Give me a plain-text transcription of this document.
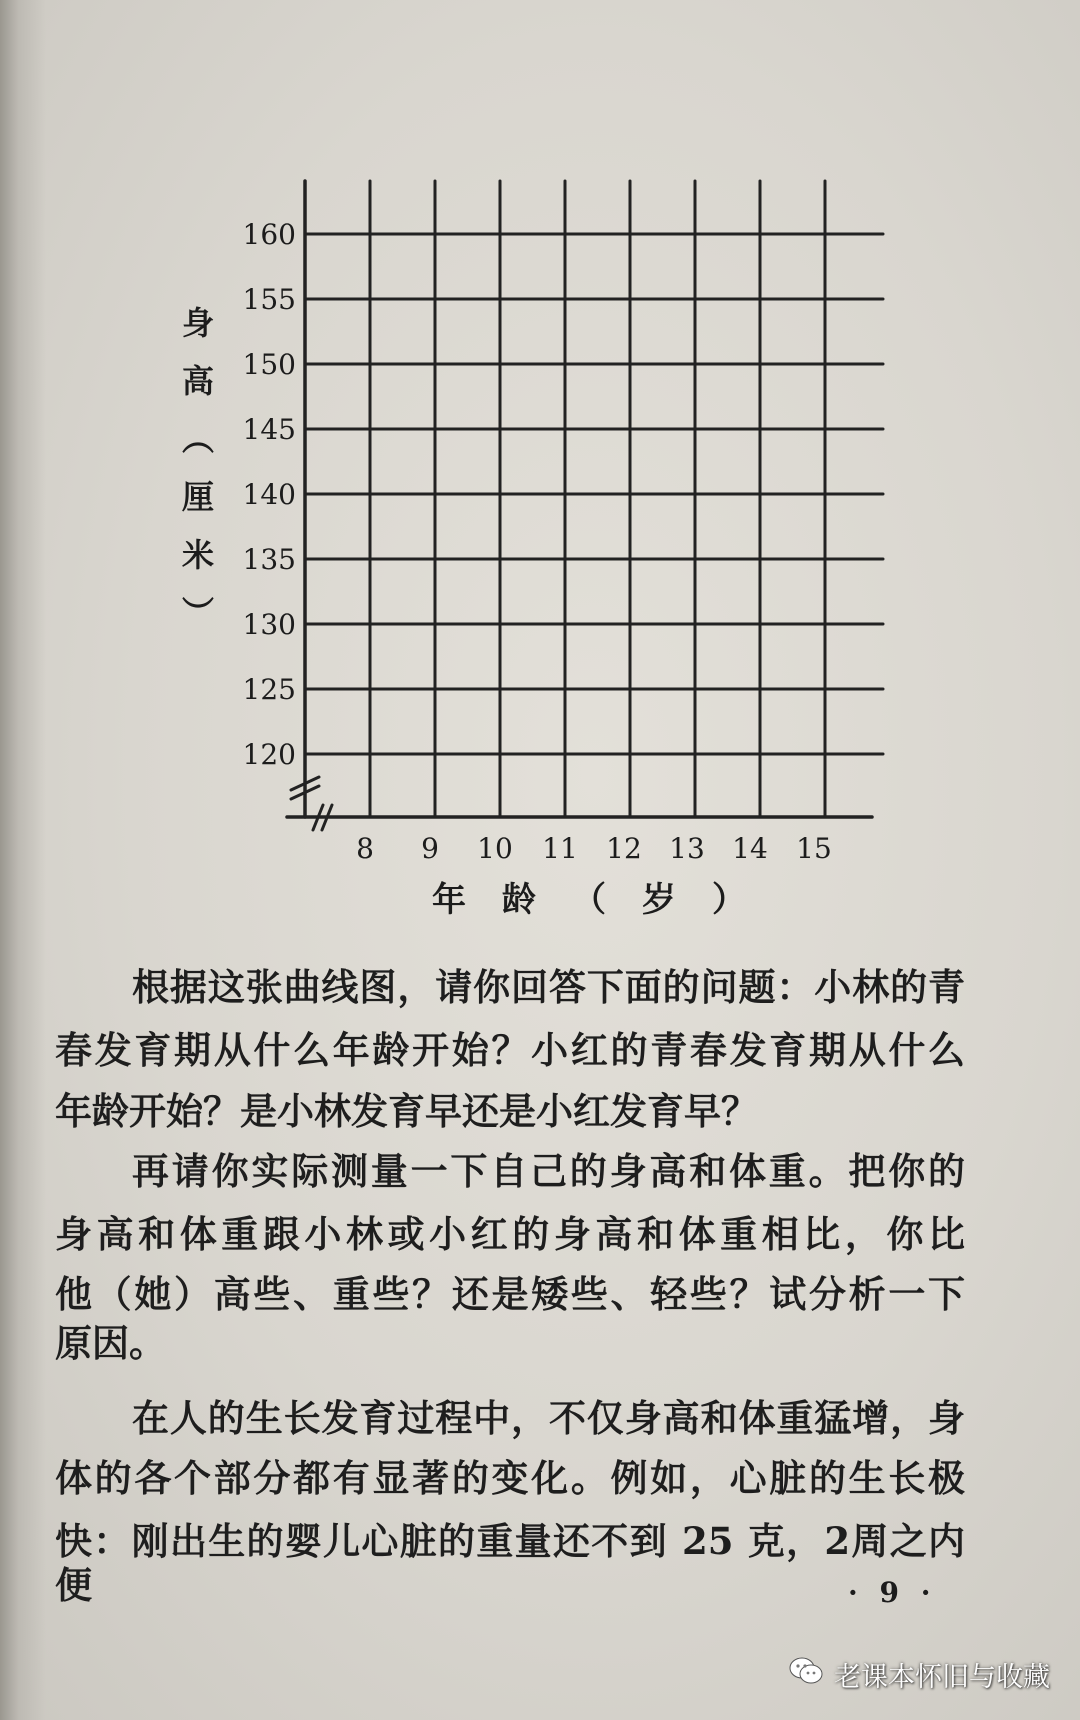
160
155
150
145
140
135
130
125
120
8 9 10 11 12 13 14 15
身高（厘米）
年龄（岁）
根据这张曲线图，请你回答下面的问题：小林的青
春发育期从什么年龄开始？小红的青春发育期从什么
年龄开始？是小林发育早还是小红发育早？
再请你实际测量一下自己的身高和体重。把你的
身高和体重跟小林或小红的身高和体重相比，你比
他（她）高些、重些？还是矮些、轻些？试分析一下
原因。
在人的生长发育过程中，不仅身高和体重猛增，身
体的各个部分都有显著的变化。例如，心脏的生长极
快：刚出生的婴儿心脏的重量还不到 25 克，2周之内便	· 9 ·
老课本怀旧与收藏
